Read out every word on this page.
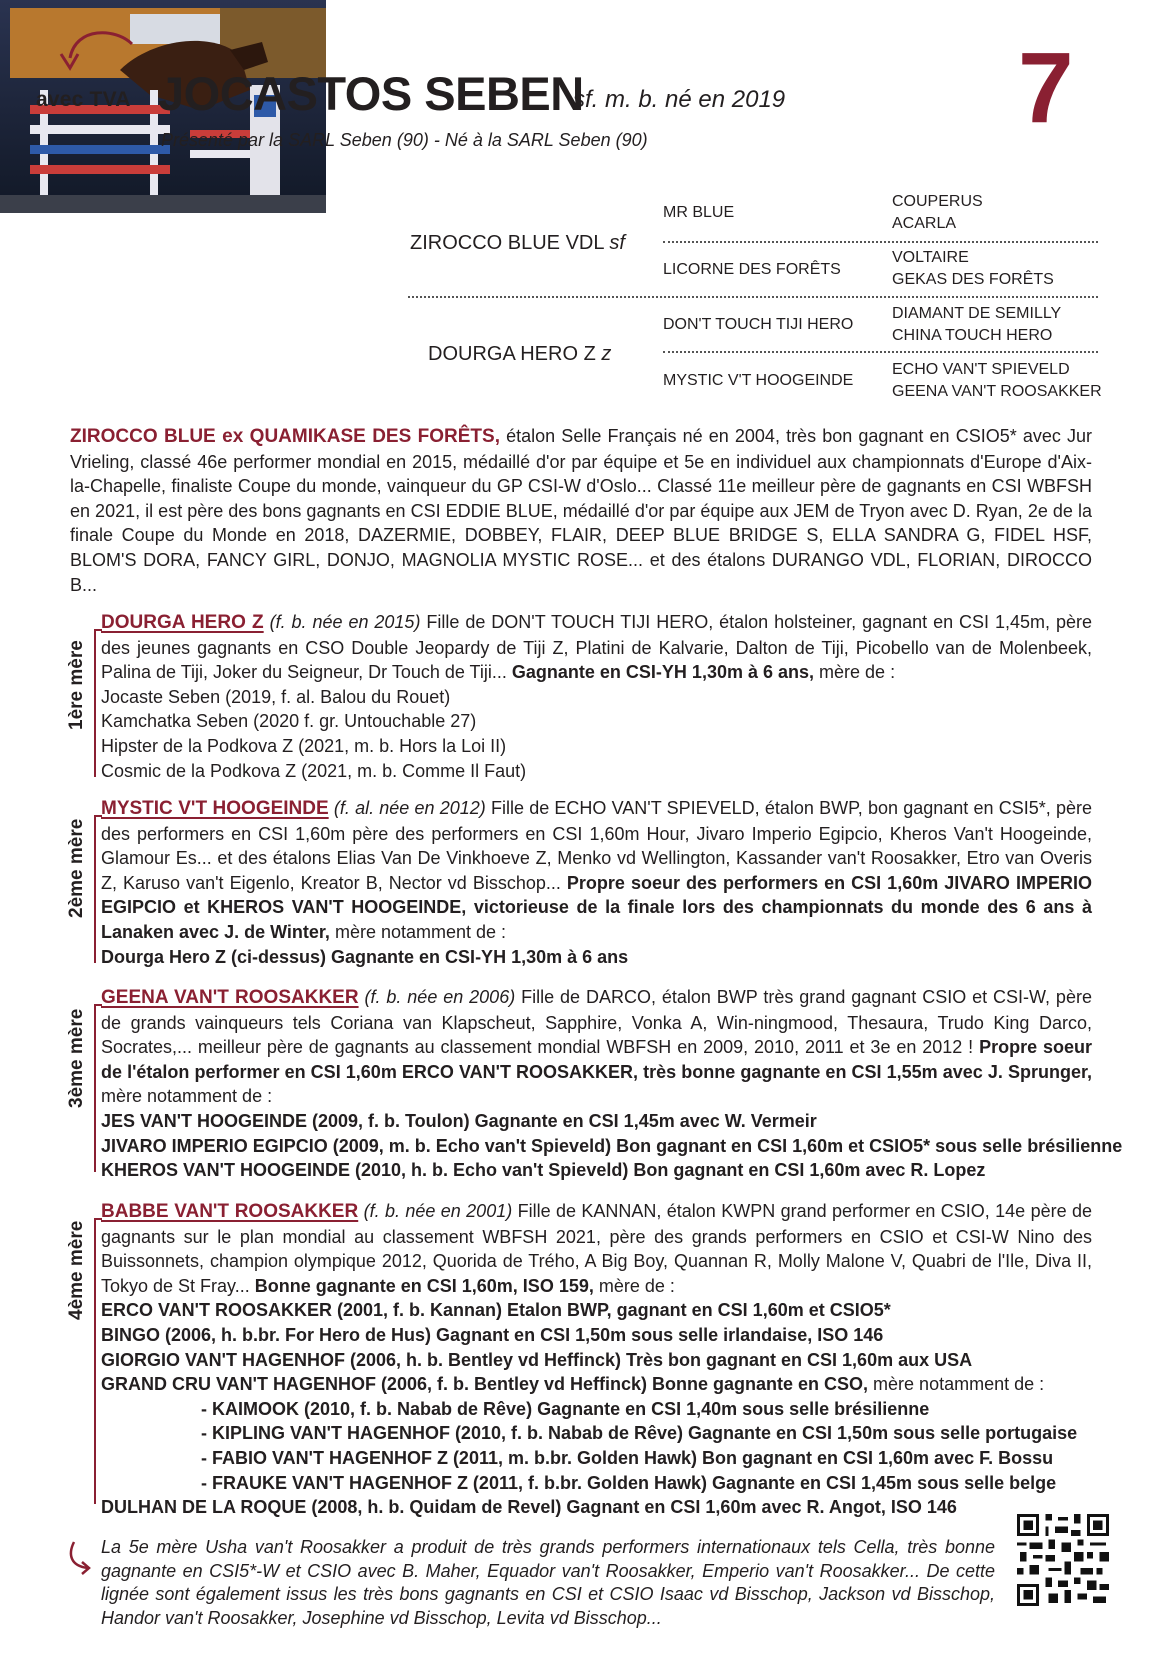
avec TVA JOCASTOS SEBEN
sf. m. b. né en 2019
Présenté par la SARL Seben (90) - Né à la SARL Seben (90)	7
ZIROCCO BLUE VDL sf
DOURGA HERO Z z
MR BLUE
LICORNE DES FORÊTS
DON'T TOUCH TIJI HERO
MYSTIC V'T HOOGEINDE
COUPERUS
ACARLA
VOLTAIRE
GEKAS DES FORÊTS
DIAMANT DE SEMILLY
CHINA TOUCH HERO
ECHO VAN'T SPIEVELD
GEENA VAN'T ROOSAKKER
ZIROCCO BLUE ex QUAMIKASE DES FORÊTS, étalon Selle Français né en 2004, très bon gagnant en CSIO5* avec Jur Vrieling, classé 46e performer mondial en 2015, médaillé d'or par équipe et 5e en individuel aux championnats d'Europe d'Aix-la-Chapelle, finaliste Coupe du monde, vainqueur du GP CSI-W d'Oslo... Classé 11e meilleur père de gagnants en CSI WBFSH en 2021, il est père des bons gagnants en CSI EDDIE BLUE, médaillé d'or par équipe aux JEM de Tryon avec D. Ryan, 2e de la finale Coupe du Monde en 2018, DAZERMIE, DOBBEY, FLAIR, DEEP BLUE BRIDGE S, ELLA SANDRA G, FIDEL HSF, BLOM'S DORA, FANCY GIRL, DONJO, MAGNOLIA MYSTIC ROSE... et des étalons DURANGO VDL, FLORIAN, DIROCCO B...
1ère mère
DOURGA HERO Z (f. b. née en 2015) Fille de DON'T TOUCH TIJI HERO, étalon holsteiner, gagnant en CSI 1,45m, père des jeunes gagnants en CSO Double Jeopardy de Tiji Z, Platini de Kalvarie, Dalton de Tiji, Picobello van de Molenbeek, Palina de Tiji, Joker du Seigneur, Dr Touch de Tiji... Gagnante en CSI-YH 1,30m à 6 ans, mère de :
Jocaste Seben (2019, f. al. Balou du Rouet)
Kamchatka Seben (2020 f. gr. Untouchable 27)
Hipster de la Podkova Z (2021, m. b. Hors la Loi II)
Cosmic de la Podkova Z (2021, m. b. Comme Il Faut)
2ème mère
MYSTIC V'T HOOGEINDE (f. al. née en 2012) Fille de ECHO VAN'T SPIEVELD, étalon BWP, bon gagnant en CSI5*, père des performers en CSI 1,60m père des performers en CSI 1,60m Hour, Jivaro Imperio Egipcio, Kheros Van't Hoogeinde, Glamour Es... et des étalons Elias Van De Vinkhoeve Z, Menko vd Wellington, Kassander van't Roosakker, Etro van Overis Z, Karuso van't Eigenlo, Kreator B, Nector vd Bisschop... Propre soeur des performers en CSI 1,60m JIVARO IMPERIO EGIPCIO et KHEROS VAN'T HOOGEINDE, victorieuse de la finale lors des championnats du monde des 6 ans à Lanaken avec J. de Winter, mère notamment de :
Dourga Hero Z (ci-dessus) Gagnante en CSI-YH 1,30m à 6 ans
3ème mère
GEENA VAN'T ROOSAKKER (f. b. née en 2006) Fille de DARCO, étalon BWP très grand gagnant CSIO et CSI-W, père de grands vainqueurs tels Coriana van Klapscheut, Sapphire, Vonka A, Win-ningmood, Thesaura, Trudo King Darco, Socrates,... meilleur père de gagnants au classement mondial WBFSH en 2009, 2010, 2011 et 3e en 2012 ! Propre soeur de l'étalon performer en CSI 1,60m ERCO VAN'T ROOSAKKER, très bonne gagnante en CSI 1,55m avec J. Sprunger, mère notamment de :
JES VAN'T HOOGEINDE (2009, f. b. Toulon) Gagnante en CSI 1,45m avec W. Vermeir
JIVARO IMPERIO EGIPCIO (2009, m. b. Echo van't Spieveld) Bon gagnant en CSI 1,60m et CSIO5* sous selle brésilienne
KHEROS VAN'T HOOGEINDE (2010, h. b. Echo van't Spieveld) Bon gagnant en CSI 1,60m avec R. Lopez
4ème mère
BABBE VAN'T ROOSAKKER (f. b. née en 2001) Fille de KANNAN, étalon KWPN grand performer en CSIO, 14e père de gagnants sur le plan mondial au classement WBFSH 2021, père des grands performers en CSIO et CSI-W Nino des Buissonnets, champion olympique 2012, Quorida de Trého, A Big Boy, Quannan R, Molly Malone V, Quabri de l'Ile, Diva II, Tokyo de St Fray... Bonne gagnante en CSI 1,60m, ISO 159, mère de :
ERCO VAN'T ROOSAKKER (2001, f. b. Kannan) Etalon BWP, gagnant en CSI 1,60m et CSIO5*
BINGO (2006, h. b.br. For Hero de Hus) Gagnant en CSI 1,50m sous selle irlandaise, ISO 146
GIORGIO VAN'T HAGENHOF (2006, h. b. Bentley vd Heffinck) Très bon gagnant en CSI 1,60m aux USA
GRAND CRU VAN'T HAGENHOF (2006, f. b. Bentley vd Heffinck) Bonne gagnante en CSO, mère notamment de :
- KAIMOOK (2010, f. b. Nabab de Rêve) Gagnante en CSI 1,40m sous selle brésilienne
- KIPLING VAN'T HAGENHOF (2010, f. b. Nabab de Rêve) Gagnante en CSI 1,50m sous selle portugaise
- FABIO VAN'T HAGENHOF Z (2011, m. b.br. Golden Hawk) Bon gagnant en CSI 1,60m avec F. Bossu
- FRAUKE VAN'T HAGENHOF Z (2011, f. b.br. Golden Hawk) Gagnante en CSI 1,45m sous selle belge
DULHAN DE LA ROQUE (2008, h. b. Quidam de Revel) Gagnant en CSI 1,60m avec R. Angot, ISO 146
La 5e mère Usha van't Roosakker a produit de très grands performers internationaux tels Cella, très bonne gagnante en CSI5*-W et CSIO avec B. Maher, Equador van't Roosakker, Emperio van't Roosakker... De cette lignée sont également issus les très bons gagnants en CSI et CSIO Isaac vd Bisschop, Jackson vd Bisschop, Handor van't Roosakker, Josephine vd Bisschop, Levita vd Bisschop...
